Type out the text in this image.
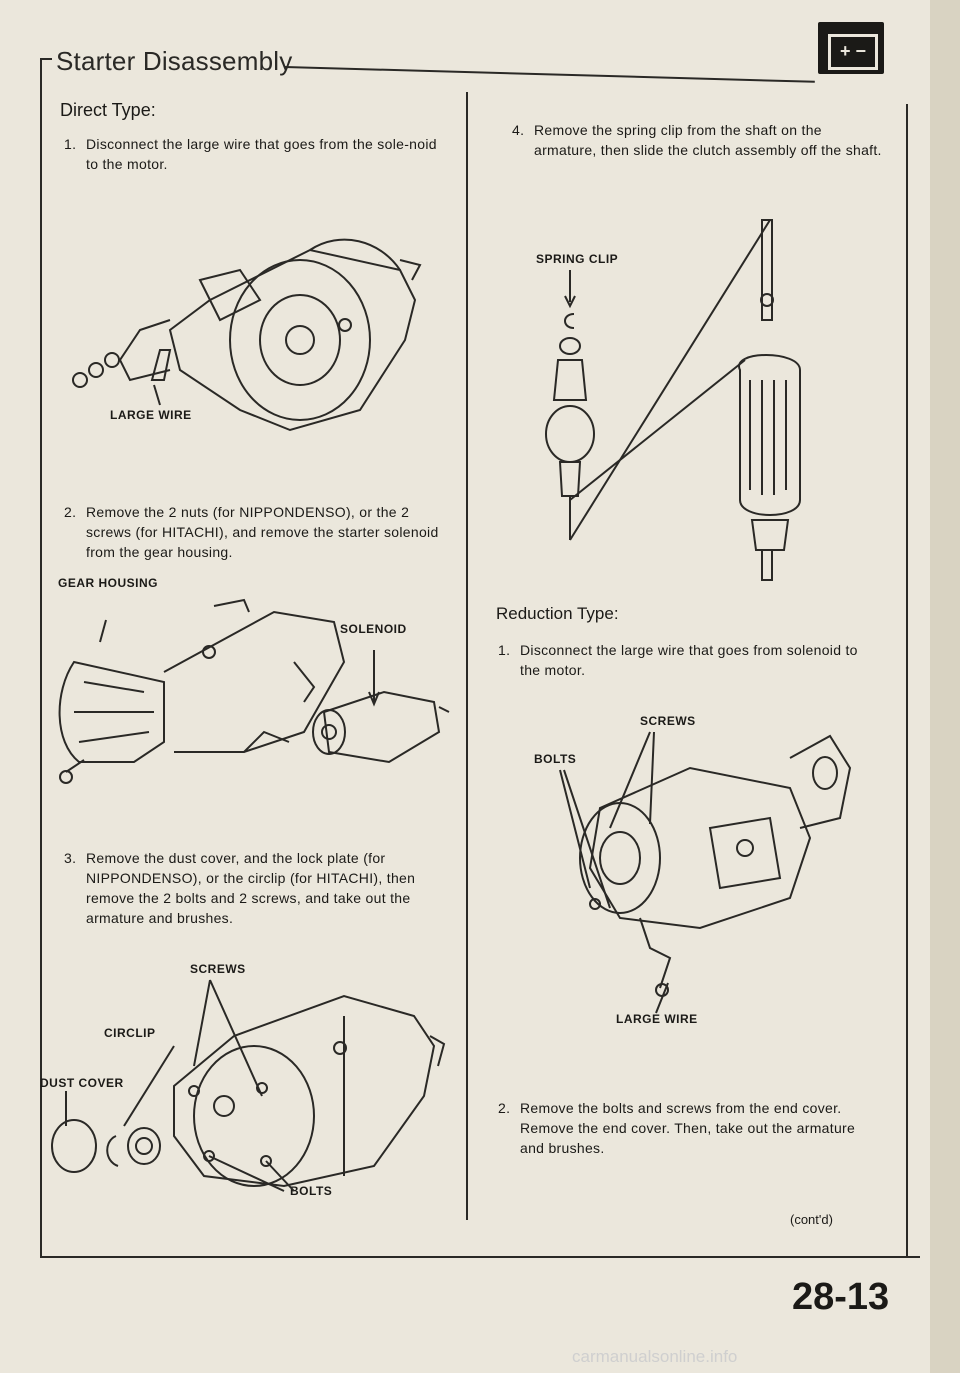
Starter Disassembly	+ −
Direct Type:
1. Disconnect the large wire that goes from the sole-noid to the motor.
LARGE WIRE
2. Remove the 2 nuts (for NIPPONDENSO), or the 2 screws (for HITACHI), and remove the starter solenoid from the gear housing.
GEAR HOUSING
SOLENOID
3. Remove the dust cover, and the lock plate (for NIPPONDENSO), or the circlip (for HITACHI), then remove the 2 bolts and 2 screws, and take out the armature and brushes.
SCREWS
CIRCLIP
DUST COVER
BOLTS
4. Remove the spring clip from the shaft on the armature, then slide the clutch assembly off the shaft.
SPRING CLIP
Reduction Type:
1. Disconnect the large wire that goes from solenoid to the motor.
SCREWS
BOLTS
LARGE WIRE
2. Remove the bolts and screws from the end cover. Remove the end cover. Then, take out the armature and brushes.
(cont'd)
28-13
carmanualsonline.info
